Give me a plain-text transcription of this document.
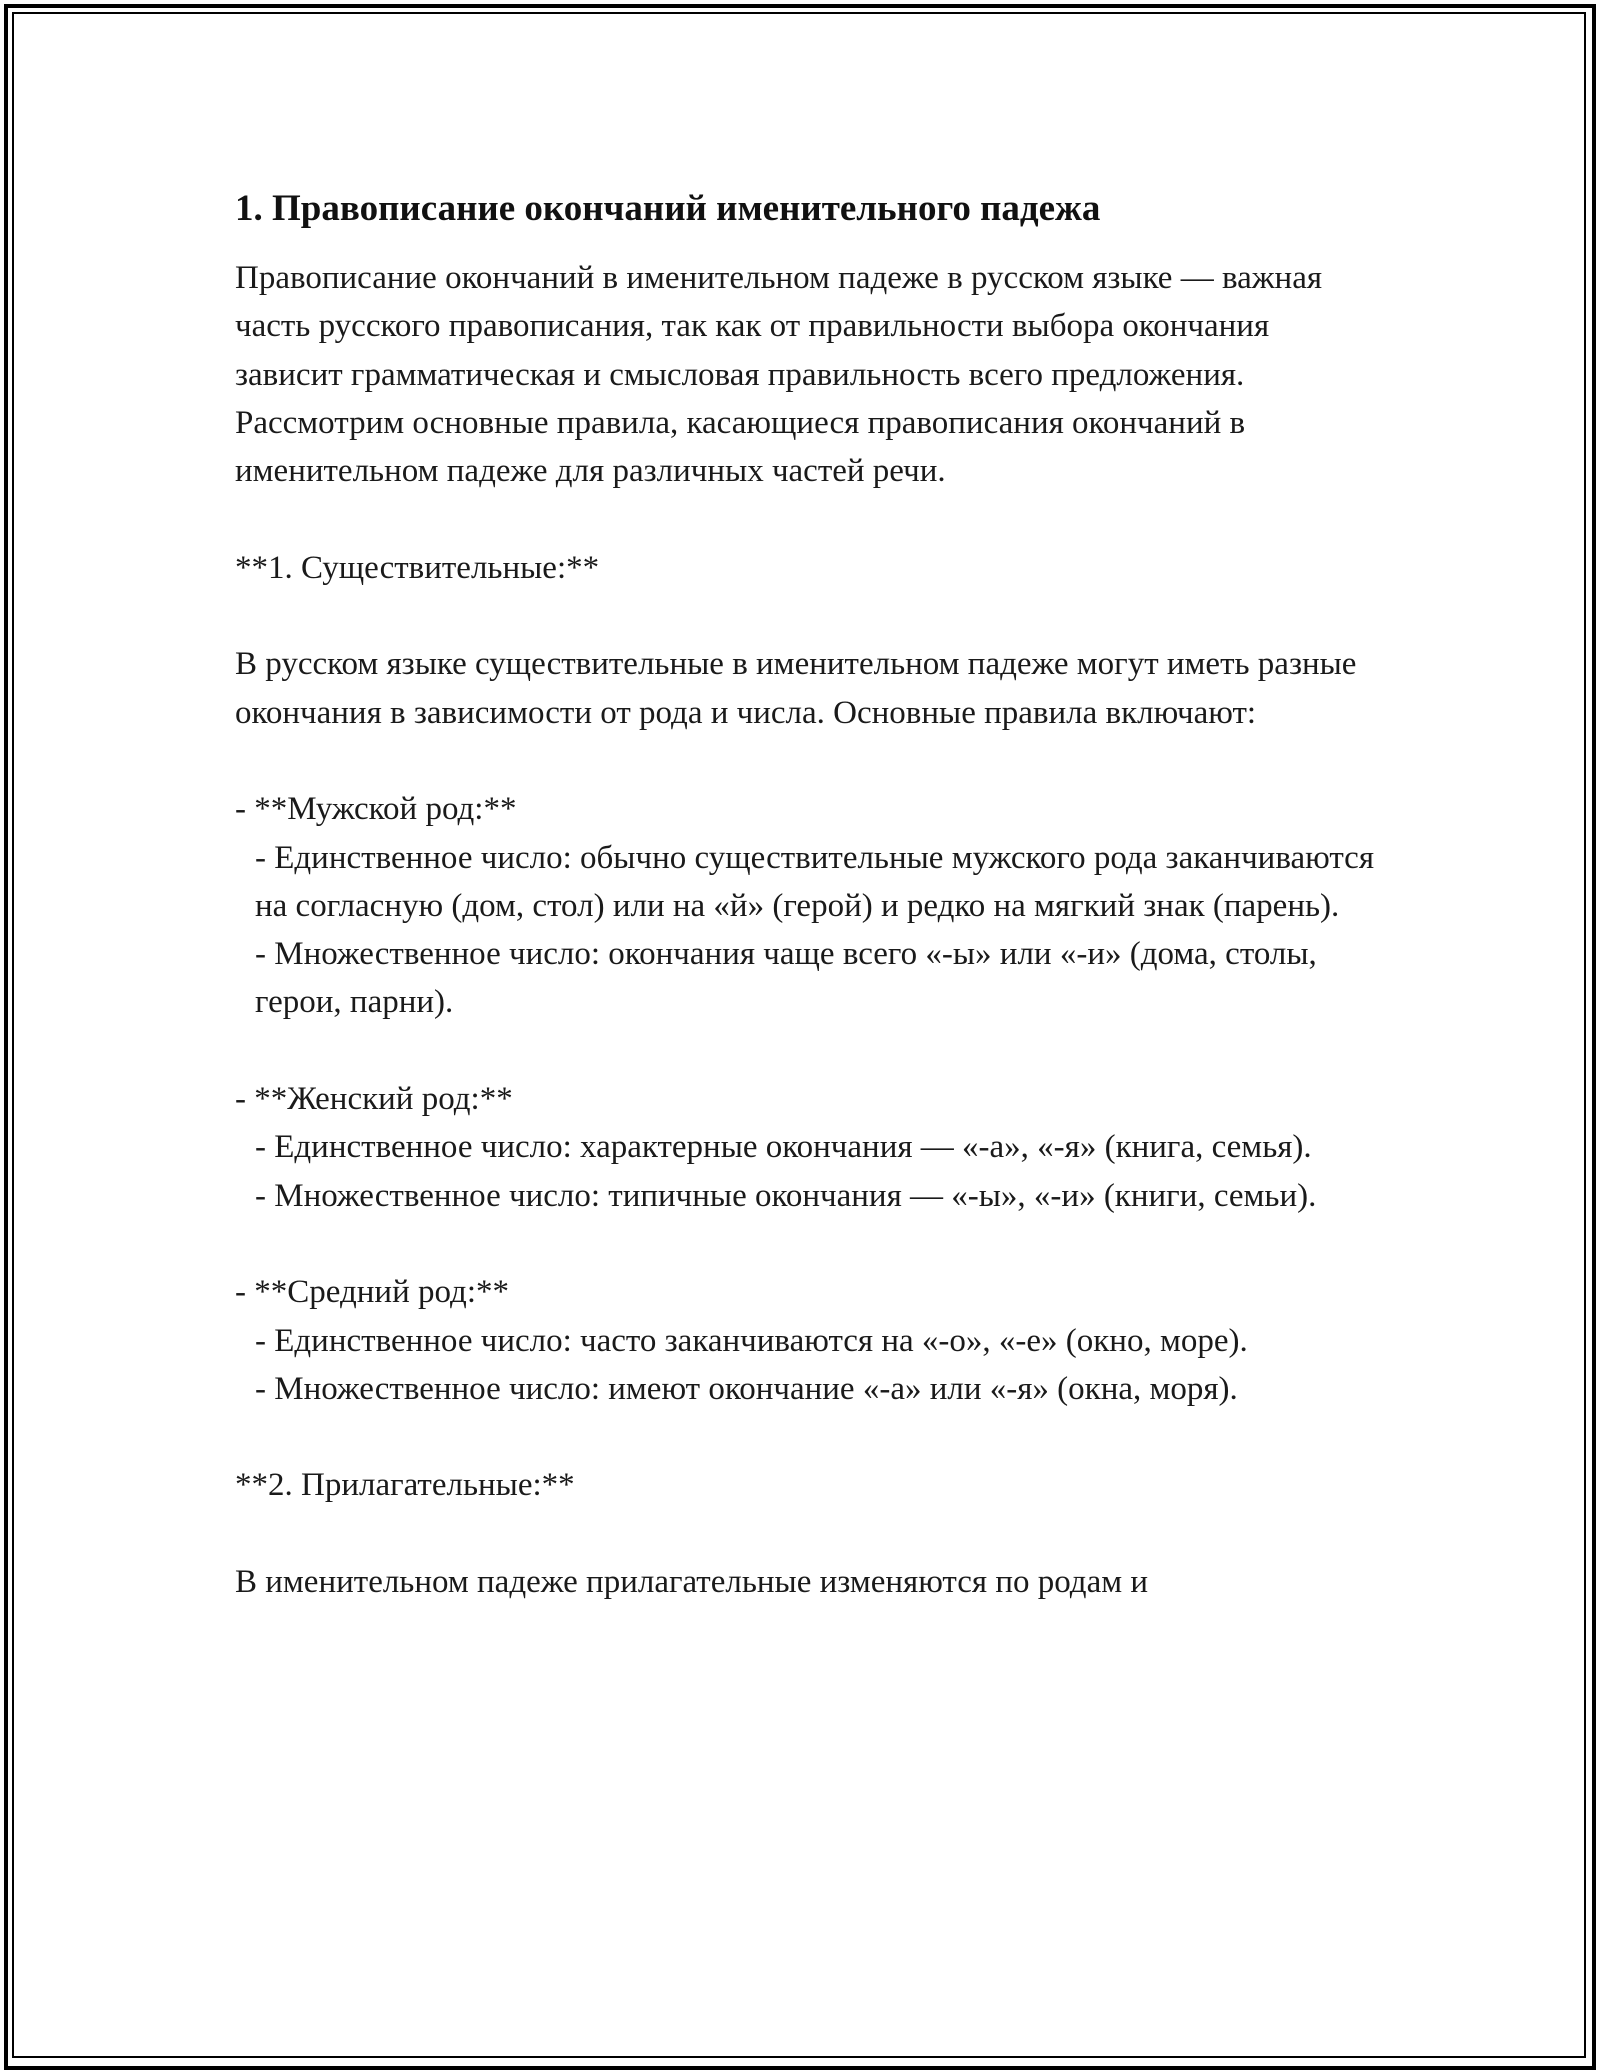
1. Правописание окончаний именительного падежа

Правописание окончаний в именительном падеже в русском языке — важная часть русского правописания, так как от правильности выбора окончания зависит грамматическая и смысловая правильность всего предложения. Рассмотрим основные правила, касающиеся правописания окончаний в именительном падеже для различных частей речи.

**1. Существительные:**

В русском языке существительные в именительном падеже могут иметь разные окончания в зависимости от рода и числа. Основные правила включают:

- **Мужской род:**

- Единственное число: обычно существительные мужского рода заканчиваются на согласную (дом, стол) или на «й» (герой) и редко на мягкий знак (парень).

- Множественное число: окончания чаще всего «-ы» или «-и» (дома, столы, герои, парни).

- **Женский род:**

- Единственное число: характерные окончания — «-а», «-я» (книга, семья).

- Множественное число: типичные окончания — «-ы», «-и» (книги, семьи).

- **Средний род:**

- Единственное число: часто заканчиваются на «-о», «-е» (окно, море).

- Множественное число: имеют окончание «-а» или «-я» (окна, моря).

**2. Прилагательные:**

В именительном падеже прилагательные изменяются по родам и
